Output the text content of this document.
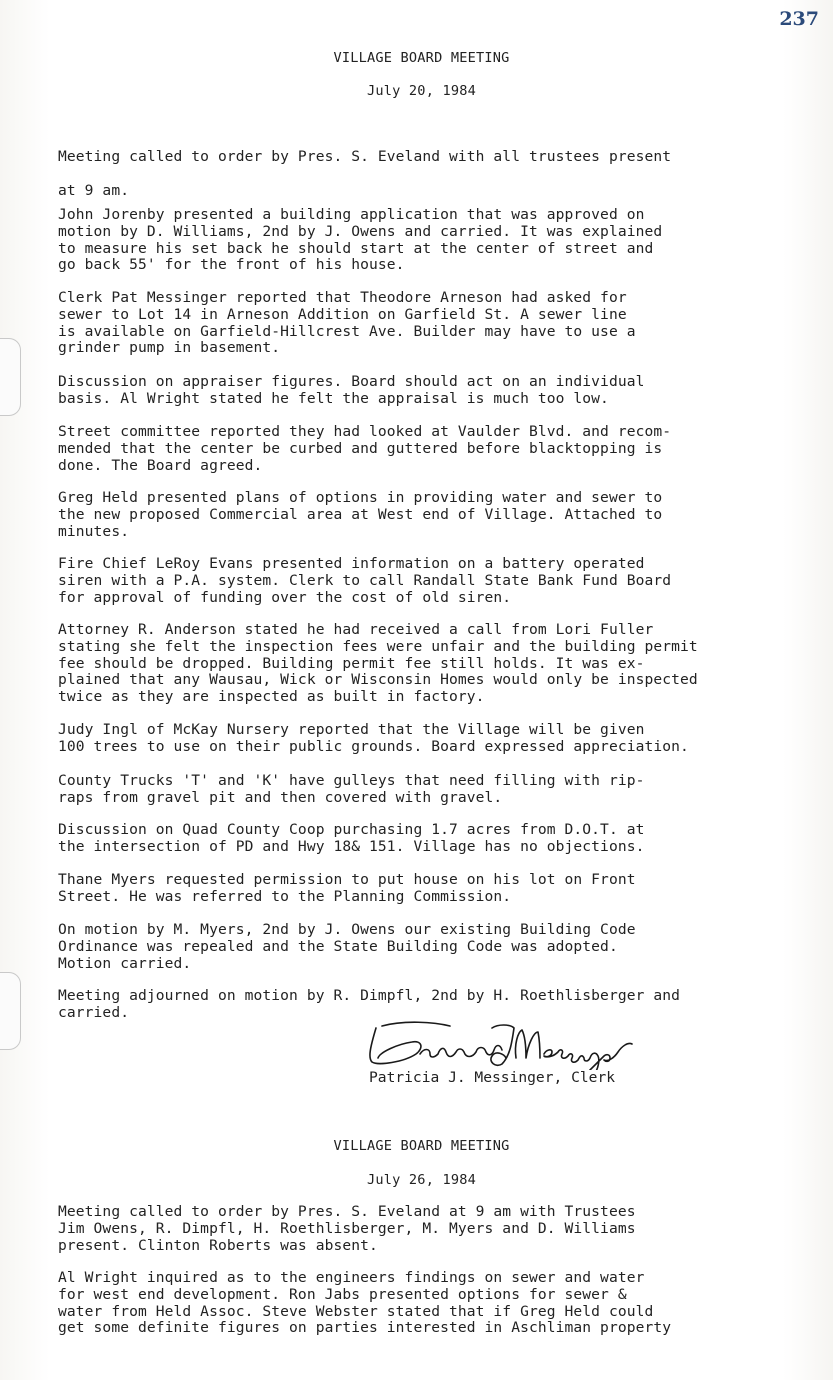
237
VILLAGE BOARD MEETING
July 20, 1984
Meeting called to order by Pres. S. Eveland with all trustees present
at 9 am.
John Jorenby presented a building application that was approved on
motion by D. Williams, 2nd by J. Owens and carried. It was explained
to measure his set back he should start at the center of street and
go back 55' for the front of his house.
Clerk Pat Messinger reported that Theodore Arneson had asked for
sewer to Lot 14 in Arneson Addition on Garfield St. A sewer line
is available on Garfield-Hillcrest Ave. Builder may have to use a
grinder pump in basement.
Discussion on appraiser figures. Board should act on an individual
basis. Al Wright stated he felt the appraisal is much too low.
Street committee reported they had looked at Vaulder Blvd. and recom-
mended that the center be curbed and guttered before blacktopping is
done. The Board agreed.
Greg Held presented plans of options in providing water and sewer to
the new proposed Commercial area at West end of Village. Attached to
minutes.
Fire Chief LeRoy Evans presented information on a battery operated
siren with a P.A. system. Clerk to call Randall State Bank Fund Board
for approval of funding over the cost of old siren.
Attorney R. Anderson stated he had received a call from Lori Fuller
stating she felt the inspection fees were unfair and the building permit
fee should be dropped. Building permit fee still holds. It was ex-
plained that any Wausau, Wick or Wisconsin Homes would only be inspected
twice as they are inspected as built in factory.
Judy Ingl of McKay Nursery reported that the Village will be given
100 trees to use on their public grounds. Board expressed appreciation.
County Trucks 'T' and 'K' have gulleys that need filling with rip-
raps from gravel pit and then covered with gravel.
Discussion on Quad County Coop purchasing 1.7 acres from D.O.T. at
the intersection of PD and Hwy 18& 151. Village has no objections.
Thane Myers requested permission to put house on his lot on Front
Street. He was referred to the Planning Commission.
On motion by M. Myers, 2nd by J. Owens our existing Building Code
Ordinance was repealed and the State Building Code was adopted.
Motion carried.
Meeting adjourned on motion by R. Dimpfl, 2nd by H. Roethlisberger and
carried.
Patricia J. Messinger, Clerk
VILLAGE BOARD MEETING
July 26, 1984
Meeting called to order by Pres. S. Eveland at 9 am with Trustees
Jim Owens, R. Dimpfl, H. Roethlisberger, M. Myers and D. Williams
present. Clinton Roberts was absent.
Al Wright inquired as to the engineers findings on sewer and water
for west end development. Ron Jabs presented options for sewer &
water from Held Assoc. Steve Webster stated that if Greg Held could
get some definite figures on parties interested in Aschliman property
